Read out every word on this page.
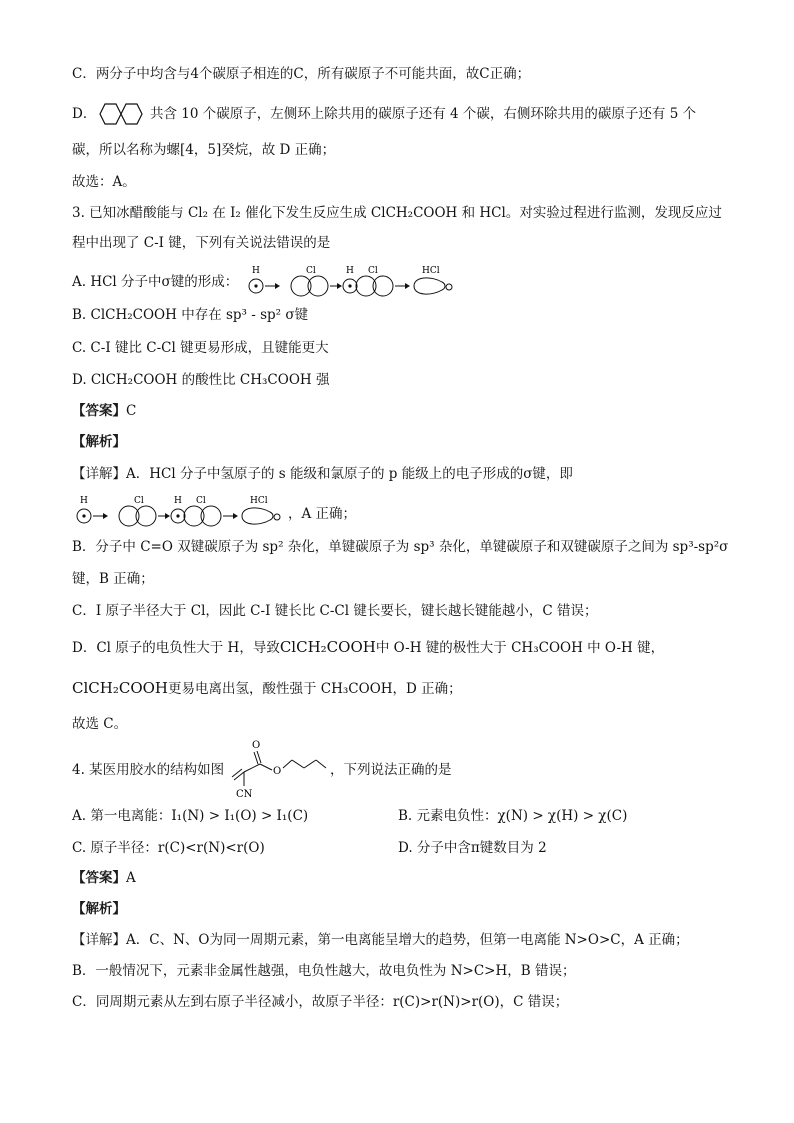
C．两分子中均含与4个碳原子相连的C，所有碳原子不可能共面，故C正确；
D．	共含 10 个碳原子，左侧环上除共用的碳原子还有 4 个碳，右侧环除共用的碳原子还有 5 个
碳，所以名称为螺[4，5]癸烷，故 D 正确；
故选：A。
3. 已知冰醋酸能与 Cl₂ 在 I₂ 催化下发生反应生成 ClCH₂COOH 和 HCl。对实验过程进行监测，发现反应过
程中出现了 C-I 键，下列有关说法错误的是
A. HCl 分子中σ键的形成：
H	Cl	H Cl	HCl
B. ClCH₂COOH 中存在 sp³ - sp² σ键
C. C-I 键比 C-Cl 键更易形成，且键能更大
D. ClCH₂COOH 的酸性比 CH₃COOH 强
【答案】C
【解析】
【详解】A．HCl 分子中氢原子的 s 能级和氯原子的 p 能级上的电子形成的σ键，即
H	Cl	H Cl	HCl
，A 正确；
B．分子中 C=O 双键碳原子为 sp² 杂化，单键碳原子为 sp³ 杂化，单键碳原子和双键碳原子之间为 sp³-sp²σ
键，B 正确；
C．I 原子半径大于 Cl，因此 C-I 键长比 C-Cl 键长要长，键长越长键能越小，C 错误；
D．Cl 原子的电负性大于 H，导致ClCH₂COOH中 O-H 键的极性大于 CH₃COOH 中 O-H 键，
ClCH₂COOH更易电离出氢，酸性强于 CH₃COOH，D 正确；
故选 C。
4. 某医用胶水的结构如图
O
O
CN
，下列说法正确的是
A. 第一电离能：I₁(N) > I₁(O) > I₁(C)	B. 元素电负性：χ(N) > χ(H) > χ(C)
C. 原子半径：r(C)<r(N)<r(O)	D. 分子中含π键数目为 2
【答案】A
【解析】
【详解】A．C、N、O为同一周期元素，第一电离能呈增大的趋势，但第一电离能 N>O>C，A 正确；
B．一般情况下，元素非金属性越强，电负性越大，故电负性为 N>C>H，B 错误；
C．同周期元素从左到右原子半径减小，故原子半径：r(C)>r(N)>r(O)，C 错误；
